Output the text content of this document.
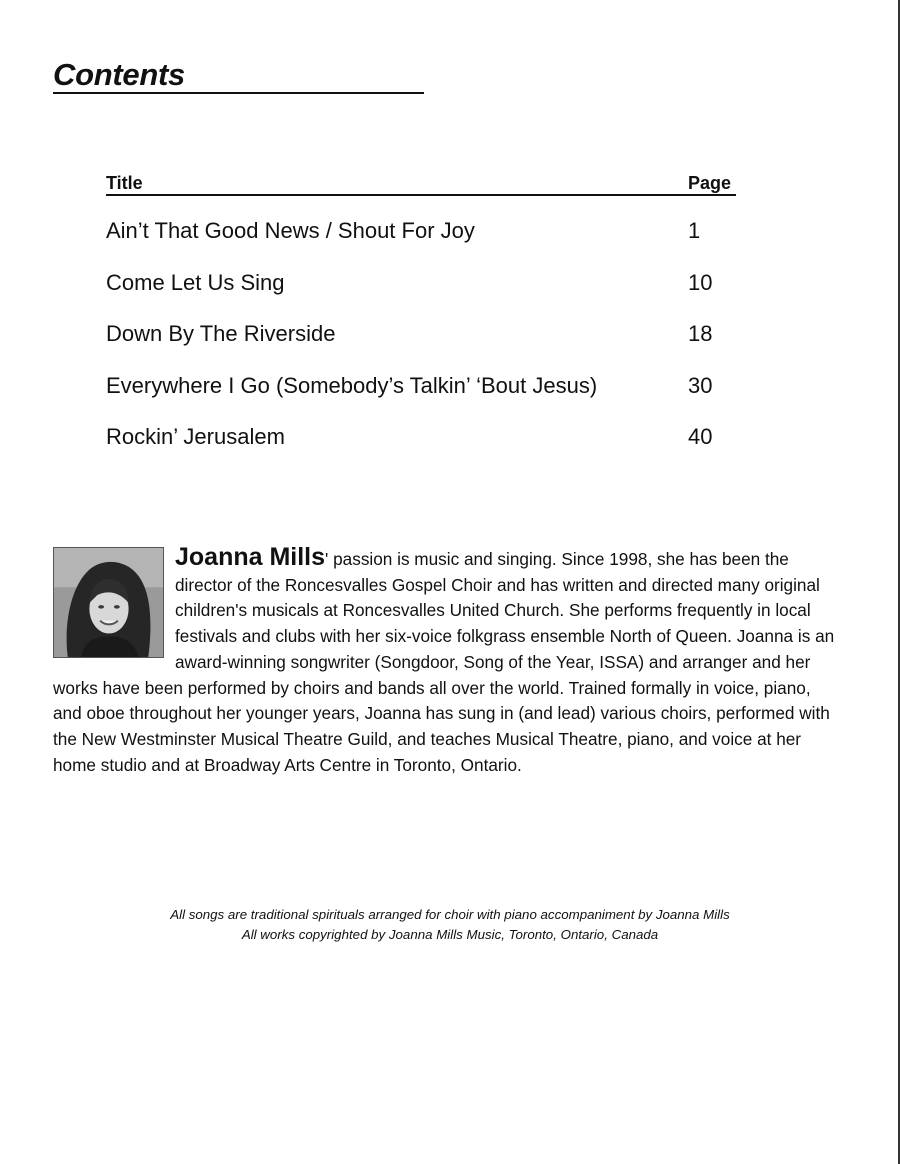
Contents
Title	Page
Ain’t That Good News / Shout For Joy	1
Come Let Us Sing	10
Down By The Riverside	18
Everywhere I Go (Somebody’s Talkin’ ‘Bout Jesus)	30
Rockin’ Jerusalem	40
Joanna Mills' passion is music and singing. Since 1998, she has been the director of the Roncesvalles Gospel Choir and has written and directed many original children's musicals at Roncesvalles United Church. She performs frequently in local festivals and clubs with her six-voice folkgrass ensemble North of Queen. Joanna is an award-winning songwriter (Songdoor, Song of the Year, ISSA) and arranger and her works have been performed by choirs and bands all over the world. Trained formally in voice, piano, and oboe throughout her younger years, Joanna has sung in (and lead) various choirs, performed with the New Westminster Musical Theatre Guild, and teaches Musical Theatre, piano, and voice at her home studio and at Broadway Arts Centre in Toronto, Ontario.
All songs are traditional spirituals arranged for choir with piano accompaniment by Joanna Mills
All works copyrighted by Joanna Mills Music, Toronto, Ontario, Canada
